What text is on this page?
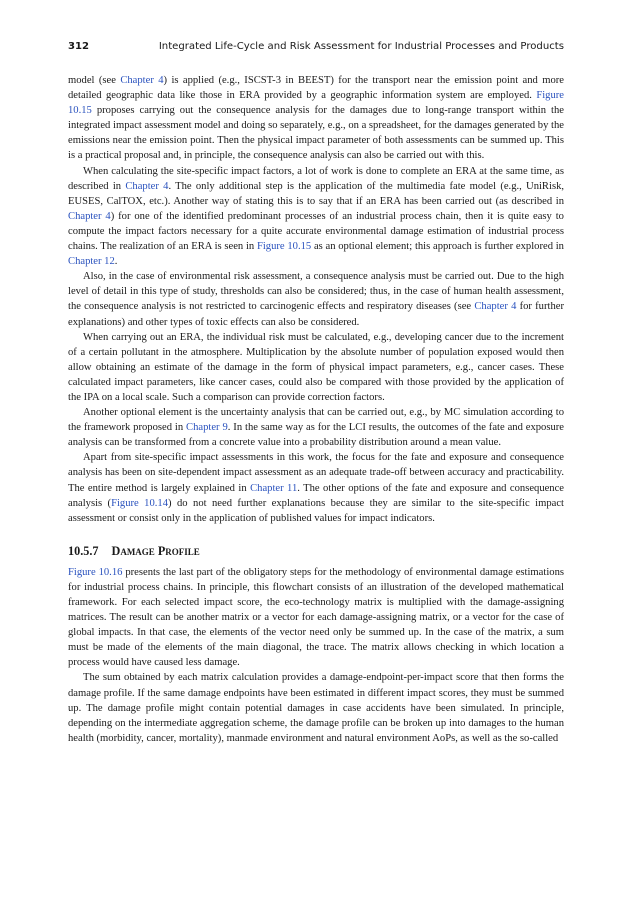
312	Integrated Life-Cycle and Risk Assessment for Industrial Processes and Products

model (see Chapter 4) is applied (e.g., ISCST-3 in BEEST) for the transport near the emission point and more detailed geographic data like those in ERA provided by a geographic information system are employed. Figure 10.15 proposes carrying out the consequence analysis for the damages due to long-range transport within the integrated impact assessment model and doing so separately, e.g., on a spreadsheet, for the damages generated by the emissions near the emission point. Then the physical impact parameter of both assessments can be summed up. This is a practical proposal and, in principle, the consequence analysis can also be carried out with this.

When calculating the site-specific impact factors, a lot of work is done to complete an ERA at the same time, as described in Chapter 4. The only additional step is the application of the multimedia fate model (e.g., UniRisk, EUSES, CalTOX, etc.). Another way of stating this is to say that if an ERA has been carried out (as described in Chapter 4) for one of the identified predominant processes of an industrial process chain, then it is quite easy to compute the impact factors necessary for a quite accurate environmental damage estimation of industrial process chains. The realization of an ERA is seen in Figure 10.15 as an optional element; this approach is further explored in Chapter 12.

Also, in the case of environmental risk assessment, a consequence analysis must be carried out. Due to the high level of detail in this type of study, thresholds can also be considered; thus, in the case of human health assessment, the consequence analysis is not restricted to carcinogenic effects and respiratory diseases (see Chapter 4 for further explanations) and other types of toxic effects can also be considered.

When carrying out an ERA, the individual risk must be calculated, e.g., developing cancer due to the increment of a certain pollutant in the atmosphere. Multiplication by the absolute number of population exposed would then allow obtaining an estimate of the damage in the form of physical impact parameters, e.g., cancer cases. These calculated impact parameters, like cancer cases, could also be compared with those provided by the application of the IPA on a local scale. Such a comparison can provide correction factors.

Another optional element is the uncertainty analysis that can be carried out, e.g., by MC simulation according to the framework proposed in Chapter 9. In the same way as for the LCI results, the outcomes of the fate and exposure analysis can be transformed from a concrete value into a probability distribution around a mean value.

Apart from site-specific impact assessments in this work, the focus for the fate and exposure and consequence analysis has been on site-dependent impact assessment as an adequate trade-off between accuracy and practicability. The entire method is largely explained in Chapter 11. The other options of the fate and exposure and consequence analysis (Figure 10.14) do not need further explanations because they are similar to the site-specific impact assessment or consist only in the application of published values for impact indicators.

10.5.7 Damage Profile

Figure 10.16 presents the last part of the obligatory steps for the methodology of environmental damage estimations for industrial process chains. In principle, this flowchart consists of an illustration of the developed mathematical framework. For each selected impact score, the eco-technology matrix is multiplied with the damage-assigning matrices. The result can be another matrix or a vector for each damage-assigning matrix, or a vector for the case of global impacts. In that case, the elements of the vector need only be summed up. In the case of the matrix, a sum must be made of the elements of the main diagonal, the trace. The matrix allows checking in which location a process would have caused less damage.

The sum obtained by each matrix calculation provides a damage-endpoint-per-impact score that then forms the damage profile. If the same damage endpoints have been estimated in different impact scores, they must be summed up. The damage profile might contain potential damages in case accidents have been simulated. In principle, depending on the intermediate aggregation scheme, the damage profile can be broken up into damages to the human health (morbidity, cancer, mortality), manmade environment and natural environment AoPs, as well as the so-called
